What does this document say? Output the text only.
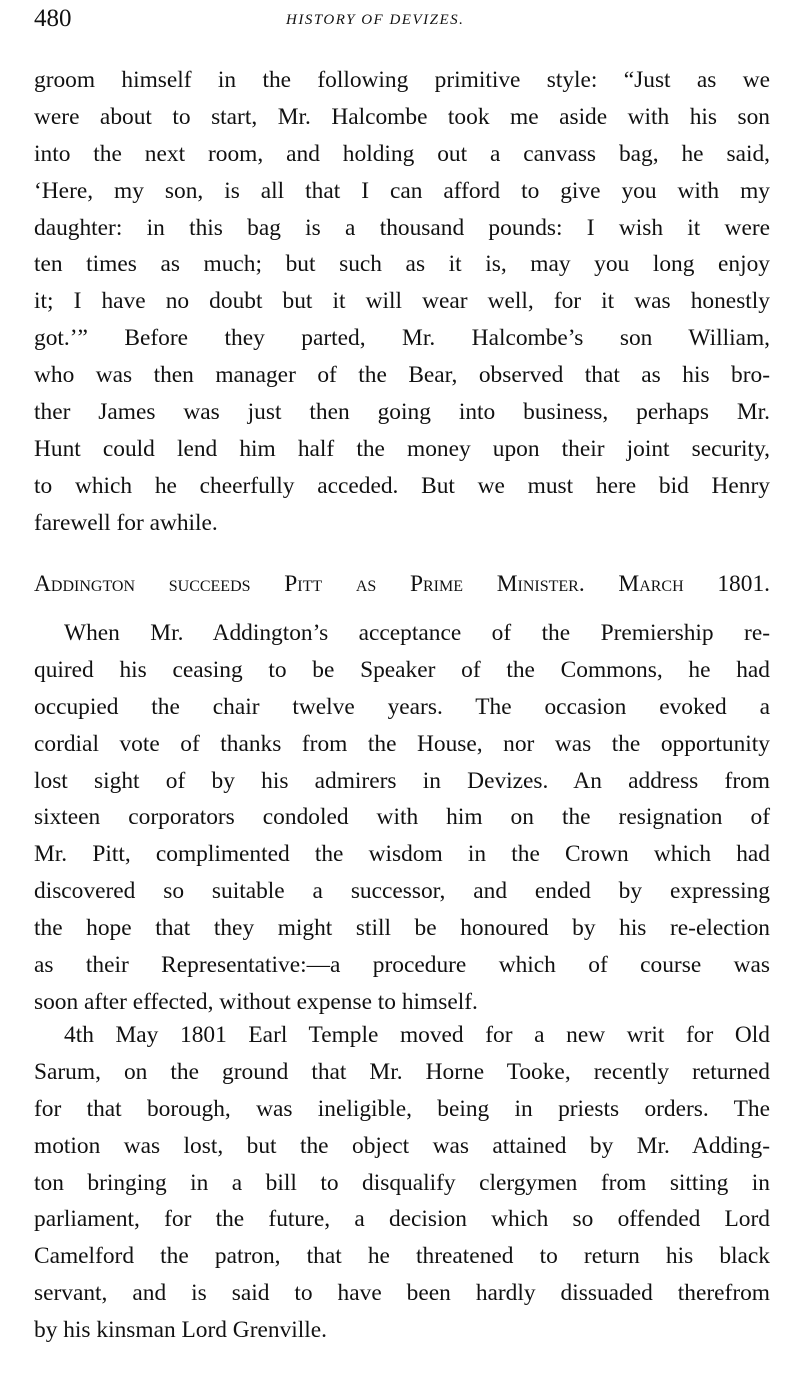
480	HISTORY OF DEVIZES.
groom himself in the following primitive style: “Just as we
were about to start, Mr. Halcombe took me aside with his son
into the next room, and holding out a canvass bag, he said,
‘Here, my son, is all that I can afford to give you with my
daughter: in this bag is a thousand pounds: I wish it were
ten times as much; but such as it is, may you long enjoy
it; I have no doubt but it will wear well, for it was honestly
got.’” Before they parted, Mr. Halcombe’s son William,
who was then manager of the Bear, observed that as his bro-
ther James was just then going into business, perhaps Mr.
Hunt could lend him half the money upon their joint security,
to which he cheerfully acceded. But we must here bid Henry
farewell for awhile.
Addington succeeds Pitt as Prime Minister. March 1801.
When Mr. Addington’s acceptance of the Premiership re-
quired his ceasing to be Speaker of the Commons, he had
occupied the chair twelve years. The occasion evoked a
cordial vote of thanks from the House, nor was the opportunity
lost sight of by his admirers in Devizes. An address from
sixteen corporators condoled with him on the resignation of
Mr. Pitt, complimented the wisdom in the Crown which had
discovered so suitable a successor, and ended by expressing
the hope that they might still be honoured by his re-election
as their Representative:—a procedure which of course was
soon after effected, without expense to himself.
4th May 1801 Earl Temple moved for a new writ for Old
Sarum, on the ground that Mr. Horne Tooke, recently returned
for that borough, was ineligible, being in priests orders. The
motion was lost, but the object was attained by Mr. Adding-
ton bringing in a bill to disqualify clergymen from sitting in
parliament, for the future, a decision which so offended Lord
Camelford the patron, that he threatened to return his black
servant, and is said to have been hardly dissuaded therefrom
by his kinsman Lord Grenville.
